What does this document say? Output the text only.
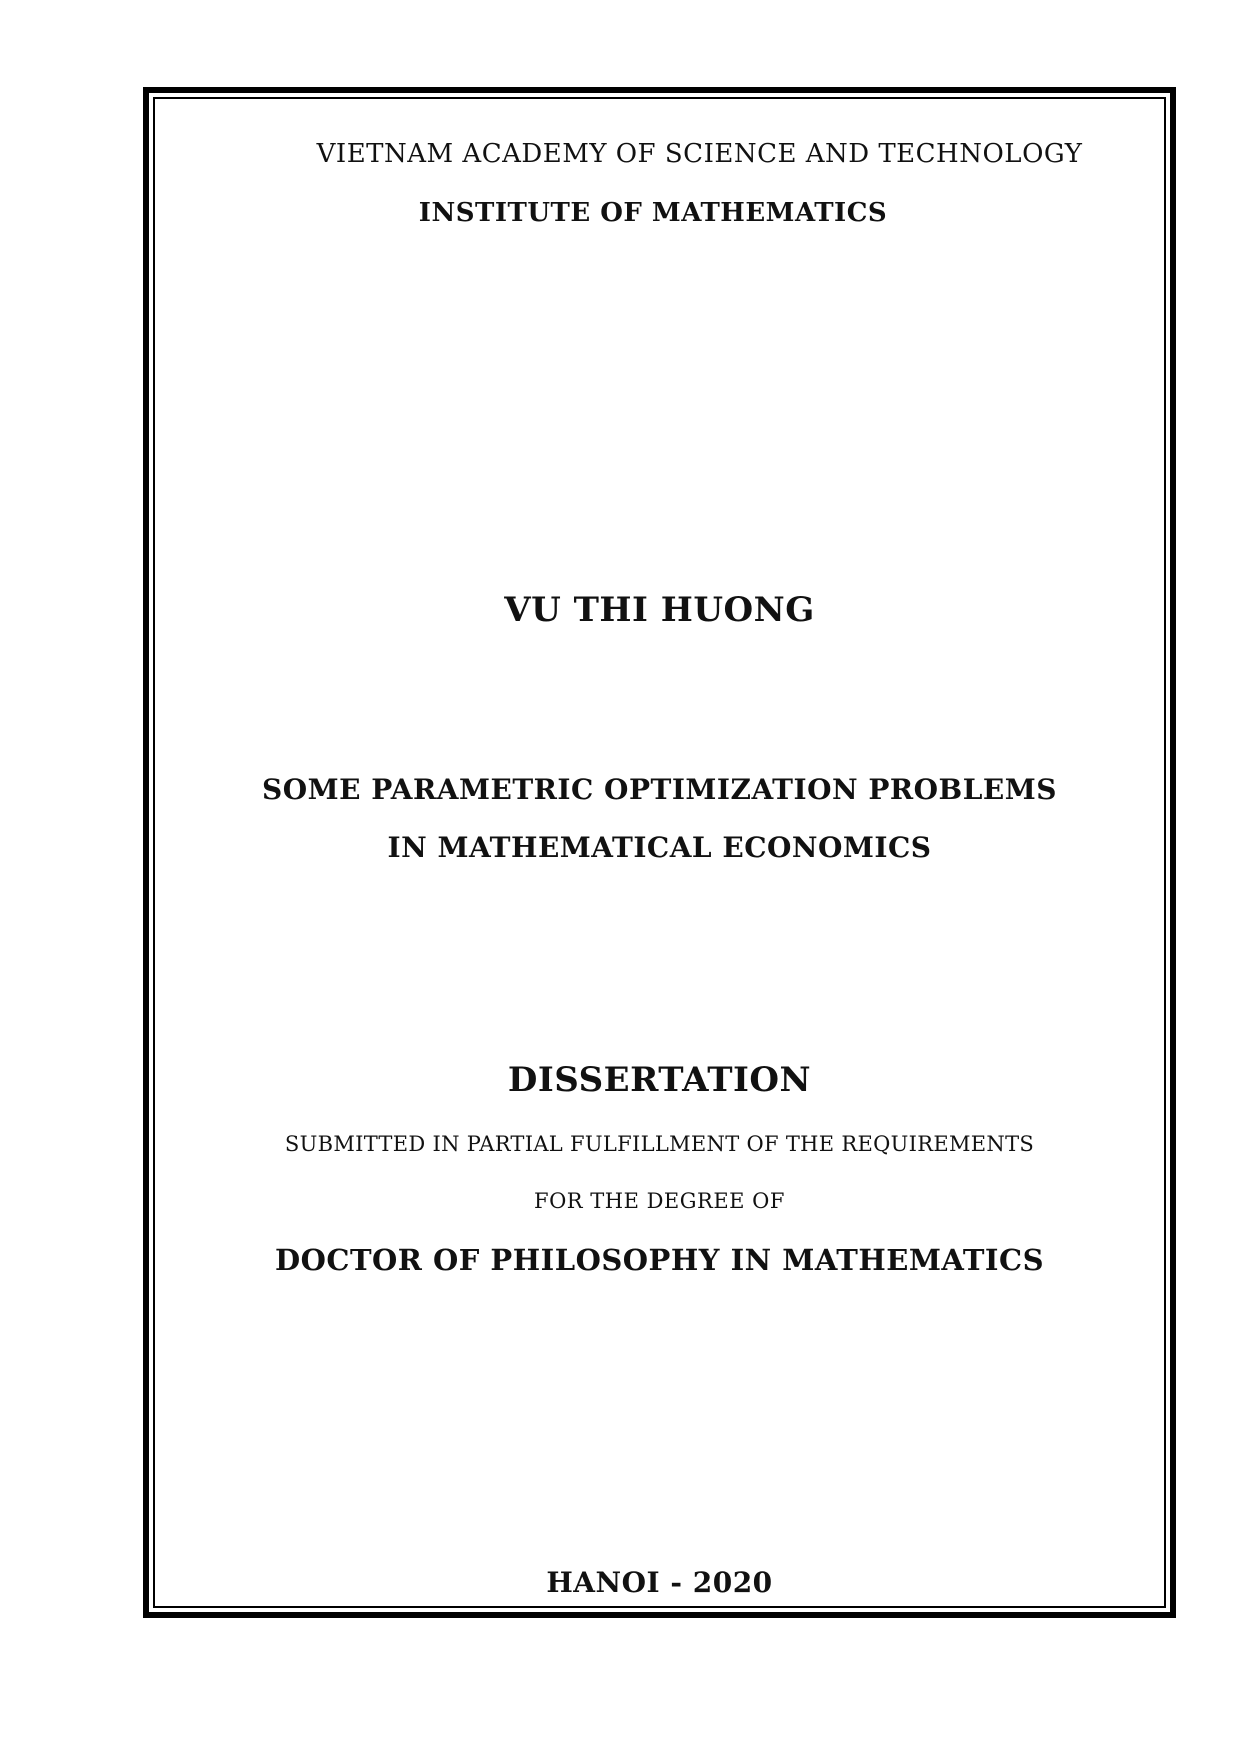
VIETNAM ACADEMY OF SCIENCE AND TECHNOLOGY
INSTITUTE OF MATHEMATICS
VU THI HUONG
SOME PARAMETRIC OPTIMIZATION PROBLEMS
IN MATHEMATICAL ECONOMICS
DISSERTATION
SUBMITTED IN PARTIAL FULFILLMENT OF THE REQUIREMENTS
FOR THE DEGREE OF
DOCTOR OF PHILOSOPHY IN MATHEMATICS
HANOI - 2020
